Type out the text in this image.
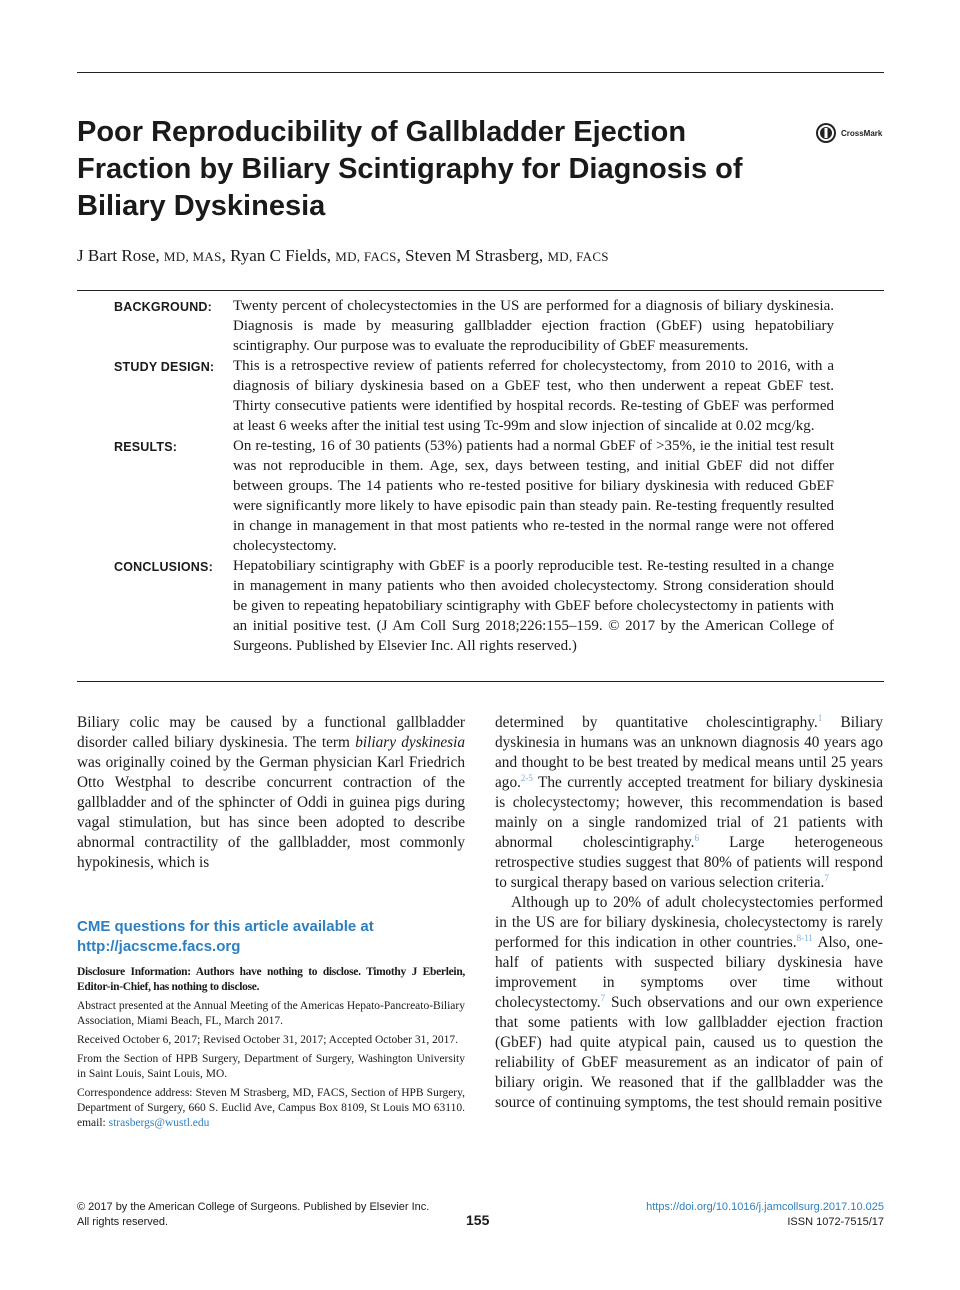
Poor Reproducibility of Gallbladder Ejection Fraction by Biliary Scintigraphy for Diagnosis of Biliary Dyskinesia
CrossMark

J Bart Rose, MD, MAS, Ryan C Fields, MD, FACS, Steven M Strasberg, MD, FACS

BACKGROUND:	Twenty percent of cholecystectomies in the US are performed for a diagnosis of biliary dyskinesia. Diagnosis is made by measuring gallbladder ejection fraction (GbEF) using hepatobiliary scintigraphy. Our purpose was to evaluate the reproducibility of GbEF measurements.
STUDY DESIGN:	This is a retrospective review of patients referred for cholecystectomy, from 2010 to 2016, with a diagnosis of biliary dyskinesia based on a GbEF test, who then underwent a repeat GbEF test. Thirty consecutive patients were identified by hospital records. Re-testing of GbEF was performed at least 6 weeks after the initial test using Tc-99m and slow injection of sincalide at 0.02 mcg/kg.
RESULTS:	On re-testing, 16 of 30 patients (53%) patients had a normal GbEF of >35%, ie the initial test result was not reproducible in them. Age, sex, days between testing, and initial GbEF did not differ between groups. The 14 patients who re-tested positive for biliary dyskinesia with reduced GbEF were significantly more likely to have episodic pain than steady pain. Re-testing frequently resulted in change in management in that most patients who re-tested in the normal range were not offered cholecystectomy.
CONCLUSIONS:	Hepatobiliary scintigraphy with GbEF is a poorly reproducible test. Re-testing resulted in a change in management in many patients who then avoided cholecystectomy. Strong consideration should be given to repeating hepatobiliary scintigraphy with GbEF before cholecystectomy in patients with an initial positive test. (J Am Coll Surg 2018;226:155–159. © 2017 by the American College of Surgeons. Published by Elsevier Inc. All rights reserved.)

Biliary colic may be caused by a functional gallbladder disorder called biliary dyskinesia. The term biliary dyskinesia was originally coined by the German physician Karl Friedrich Otto Westphal to describe concurrent contraction of the gallbladder and of the sphincter of Oddi in guinea pigs during vagal stimulation, but has since been adopted to describe abnormal contractility of the gallbladder, most commonly hypokinesis, which is

CME questions for this article available at
http://jacscme.facs.org

Disclosure Information: Authors have nothing to disclose. Timothy J Eberlein, Editor-in-Chief, has nothing to disclose.

Abstract presented at the Annual Meeting of the Americas Hepato-Pancreato-Biliary Association, Miami Beach, FL, March 2017.

Received October 6, 2017; Revised October 31, 2017; Accepted October 31, 2017.

From the Section of HPB Surgery, Department of Surgery, Washington University in Saint Louis, Saint Louis, MO.

Correspondence address: Steven M Strasberg, MD, FACS, Section of HPB Surgery, Department of Surgery, 660 S. Euclid Ave, Campus Box 8109, St Louis MO 63110. email: strasbergs@wustl.edu

determined by quantitative cholescintigraphy.$^1$ Biliary dyskinesia in humans was an unknown diagnosis 40 years ago and thought to be best treated by medical means until 25 years ago.$^{2-5}$ The currently accepted treatment for biliary dyskinesia is cholecystectomy; however, this recommendation is based mainly on a single randomized trial of 21 patients with abnormal cholescintigraphy.$^6$ Large heterogeneous retrospective studies suggest that 80% of patients will respond to surgical therapy based on various selection criteria.$^7$

Although up to 20% of adult cholecystectomies performed in the US are for biliary dyskinesia, cholecystectomy is rarely performed for this indication in other countries.$^{8-11}$ Also, one-half of patients with suspected biliary dyskinesia have improvement in symptoms over time without cholecystectomy.$^7$ Such observations and our own experience that some patients with low gallbladder ejection fraction (GbEF) had quite atypical pain, caused us to question the reliability of GbEF measurement as an indicator of pain of biliary origin. We reasoned that if the gallbladder was the source of continuing symptoms, the test should remain positive

© 2017 by the American College of Surgeons. Published by Elsevier Inc.
All rights reserved.	155
https://doi.org/10.1016/j.jamcollsurg.2017.10.025
ISSN 1072-7515/17
